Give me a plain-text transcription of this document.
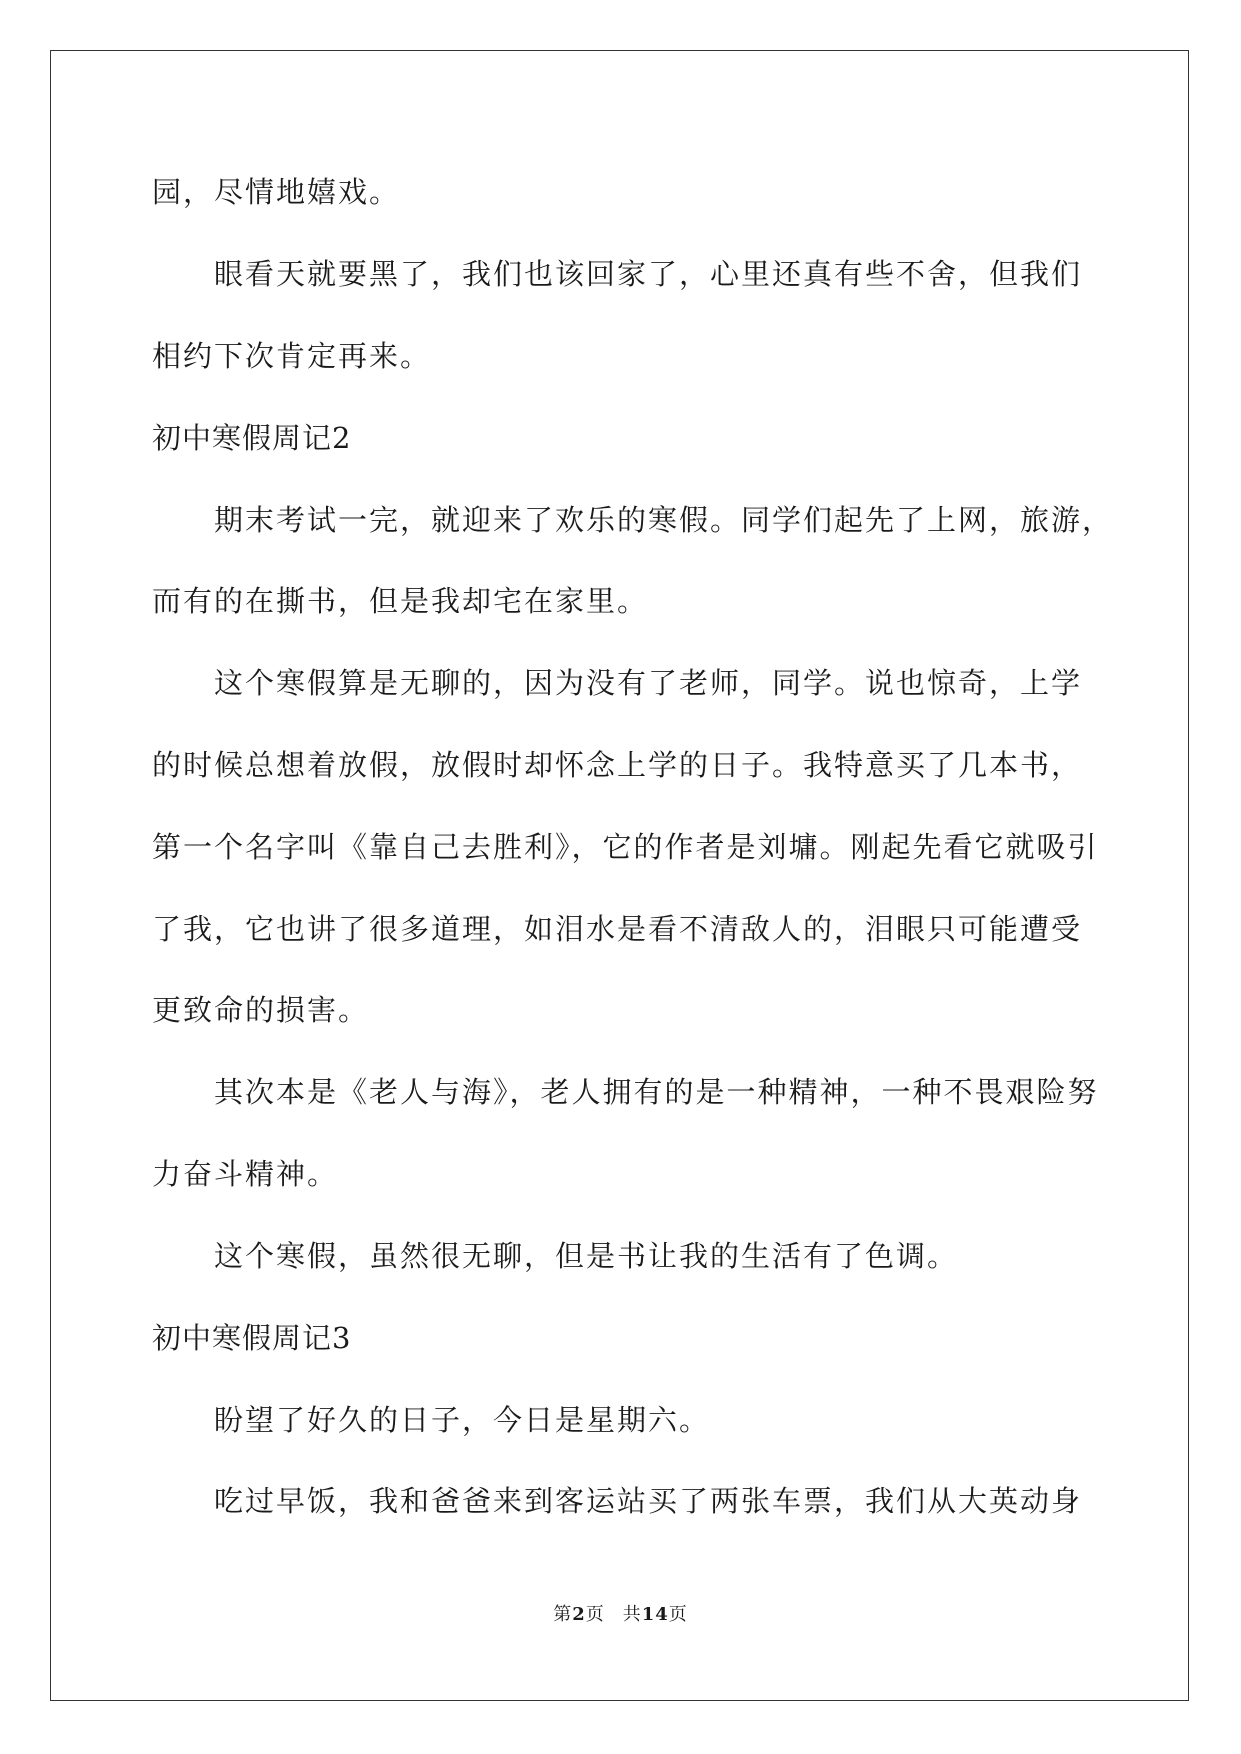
园，尽情地嬉戏。
眼看天就要黑了，我们也该回家了，心里还真有些不舍，但我们
相约下次肯定再来。
初中寒假周记2
期末考试一完，就迎来了欢乐的寒假。同学们起先了上网，旅游，
而有的在撕书，但是我却宅在家里。
这个寒假算是无聊的，因为没有了老师，同学。说也惊奇，上学
的时候总想着放假，放假时却怀念上学的日子。我特意买了几本书，
第一个名字叫《靠自己去胜利》，它的作者是刘墉。刚起先看它就吸引
了我，它也讲了很多道理，如泪水是看不清敌人的，泪眼只可能遭受
更致命的损害。
其次本是《老人与海》，老人拥有的是一种精神，一种不畏艰险努
力奋斗精神。
这个寒假，虽然很无聊，但是书让我的生活有了色调。
初中寒假周记3
盼望了好久的日子，今日是星期六。
吃过早饭，我和爸爸来到客运站买了两张车票，我们从大英动身
第2页 共14页
